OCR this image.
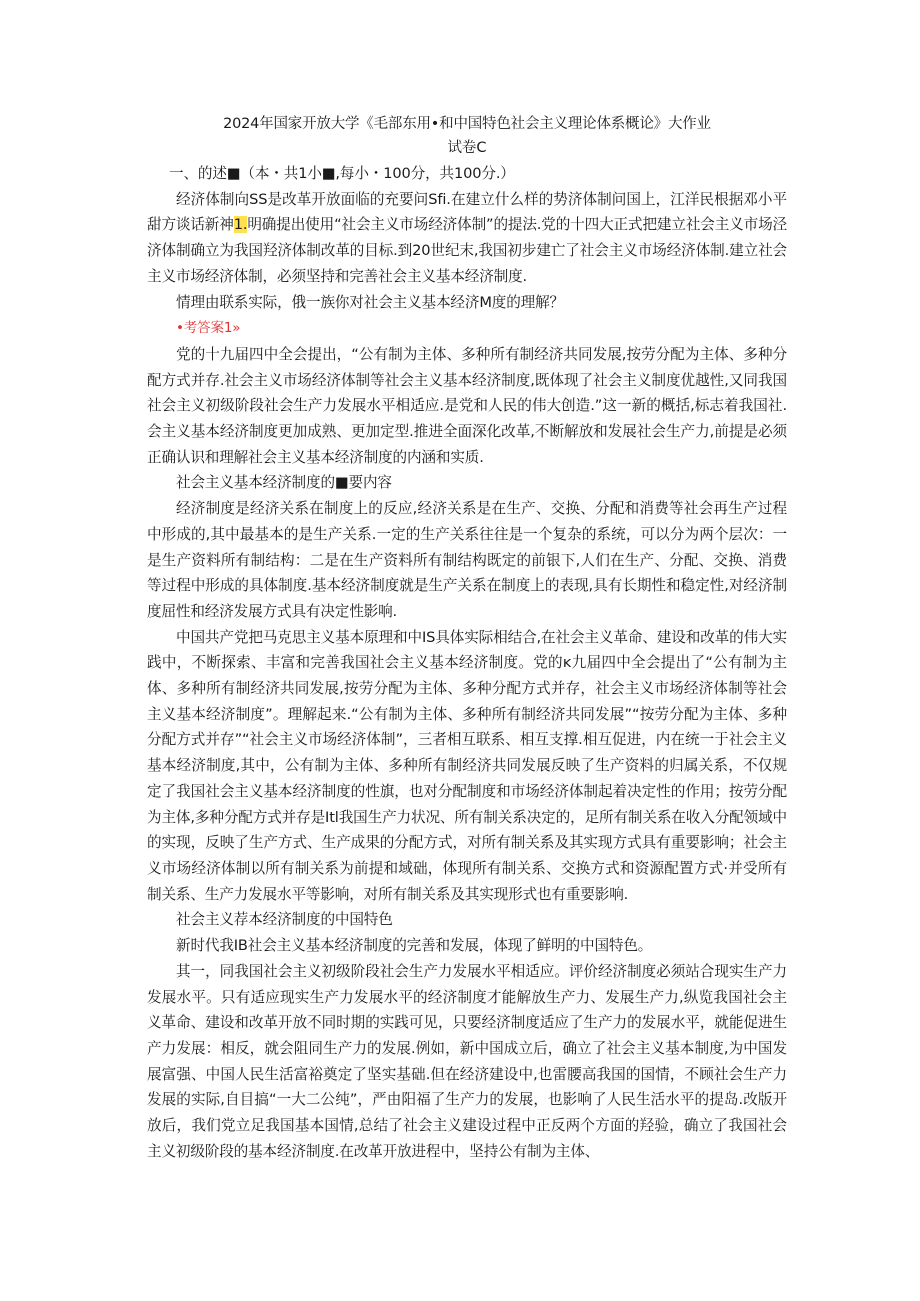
2024年国家开放大学《毛部东用•和中国特色社会主义理论体系概论》大作业
试卷C

一、的述■（本・共1小■,每小・100分，共100分.）

经济体制向SS是改革开放面临的充要问Sfi.在建立什么样的势济体制问国上，江洋民根据邓小平甜方谈话新神1.明确提出使用“社会主义市场经济体制”的提法.党的十四大正式把建立社会主义市场泾济体制确立为我国羟济体制改革的目标.到20世纪末,我国初步建亡了社会主义市场经济体制.建立社会主义市场经济体制，必须坚持和完善社会主义基本经济制度.

情理由联系实际，俄一族你对社会主义基本经济M度的理解？

•考答案1»

党的十九届四中全会提出，“公有制为主体、多种所有制经济共同发展,按劳分配为主体、多种分配方式并存.社会主义市场经济体制等社会主义基本经济制度,既体现了社会主义制度优越性,又同我国社会主义初级阶段社会生产力发展水平相适应.是党和人民的伟大创造.”这一新的概括,标志着我国社.会主义基本经济制度更加成熟、更加定型.推进全面深化改革,不断解放和发展社会生产力,前提是必须正确认识和理解社会主义基本经济制度的内涵和实质.

社会主义基本经济制度的■要内容

经济制度是经济关系在制度上的反应,经济关系是在生产、交换、分配和消费等社会再生产过程中形成的,其中最基本的是生产关系.一定的生产关系往往是一个复杂的系统，可以分为两个层次：一是生产资料所有制结构：二是在生产资料所有制结构既定的前银下,人们在生产、分配、交换、消费等过程中形成的具体制度.基本经济制度就是生产关系在制度上的表现,具有长期性和稳定性,对经济制度屈性和经济发展方式具有决定性影响.

中国共产党把马克思主义基本原理和中IS具体实际相结合,在社会主义革命、建设和改革的伟大实践中，不断探索、丰富和完善我国社会主义基本经济制度。党的ĸ九届四中全会提出了“公有制为主体、多种所有制经济共同发展,按劳分配为主体、多种分配方式并存，社会主义市场经济体制等社会主义基本经济制度”。理解起来.“公有制为主体、多种所有制经济共同发展”“按劳分配为主体、多种分配方式并存”“社会主义市场经济体制”，三者相互联系、相互支撑.相互促进，内在统一于社会主义基本经济制度,其中，公有制为主体、多种所有制经济共同发展反映了生产资料的归属关系，不仅规定了我国社会主义基本经济制度的性旗，也对分配制度和市场经济体制起着决定性的作用；按劳分配为主体,多种分配方式并存是Itl我国生产力状况、所有制关系决定的，足所有制关系在收入分配领域中的实现，反映了生产方式、生产成果的分配方式，对所有制关系及其实现方式具有重要影响；社会主义市场经济体制以所有制关系为前提和域础，体现所有制关系、交换方式和资源配置方式·并受所有制关系、生产力发展水平等影响，对所有制关系及其实现形式也有重要影响.

社会主义荐本经济制度的中国特色

新时代我IB社会主义基本经济制度的完善和发展，体现了鲜明的中国特色。

其一，同我国社会主义初级阶段社会生产力发展水平相适应。评价经济制度必须站合现实生产力发展水平。只有适应现实生产力发展水平的经济制度才能解放生产力、发展生产力,纵览我国社会主义革命、建设和改革开放不同时期的实践可见，只要经济制度适应了生产力的发展水平，就能促进生产力发展：相反，就会阻同生产力的发展.例如，新中国成立后，确立了社会主义基本制度,为中国发展富强、中国人民生活富裕奠定了坚实基础.但在经济建设中,也雷腰高我国的国情，不顾社会生产力发展的实际,自目搞“一大二公纯”，严由阳福了生产力的发展，也影响了人民生活水平的提岛.改版开放后，我们党立足我国基本国情,总结了社会主义建设过程中正反两个方面的羟验，确立了我国社会主义初级阶段的基本经济制度.在改革开放进程中，坚持公有制为主体、
